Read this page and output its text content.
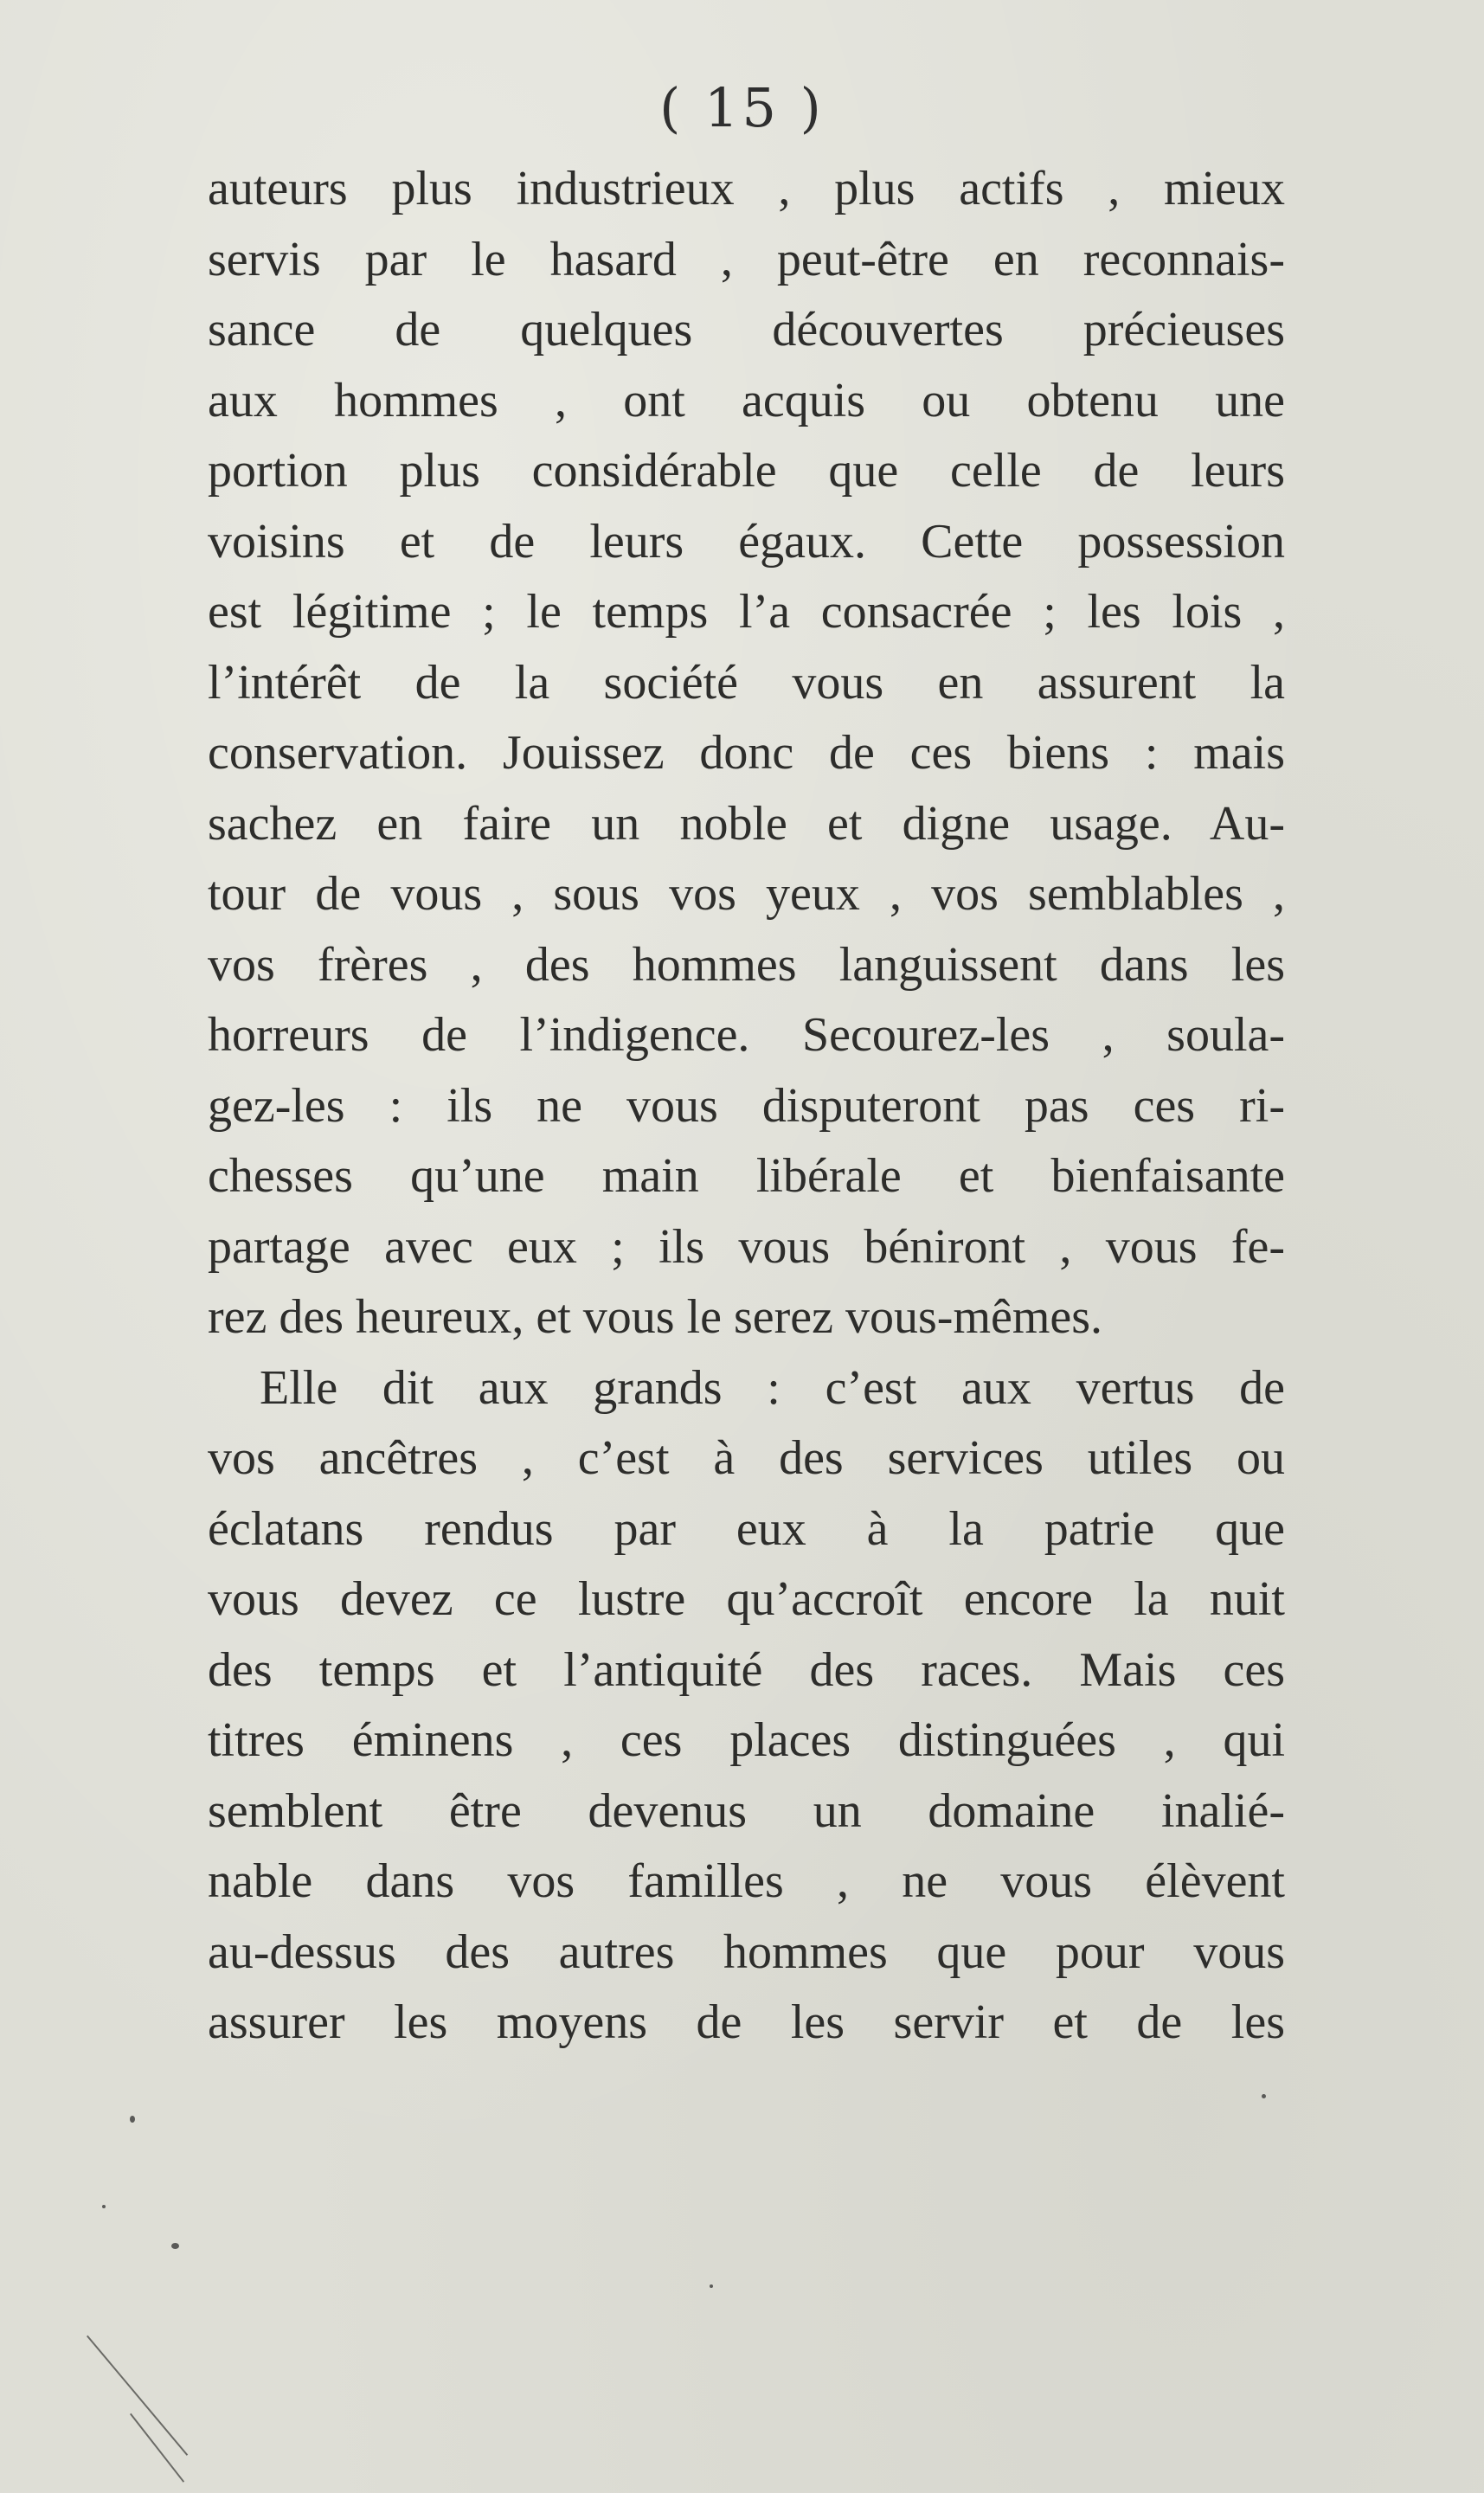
( 15 )
auteurs plus industrieux , plus actifs , mieux
servis par le hasard , peut-être en reconnais-
sance de quelques découvertes précieuses
aux hommes , ont acquis ou obtenu une
portion plus considérable que celle de leurs
voisins et de leurs égaux. Cette possession
est légitime ; le temps l’a consacrée ; les lois ,
l’intérêt de la société vous en assurent la
conservation. Jouissez donc de ces biens : mais
sachez en faire un noble et digne usage. Au-
tour de vous , sous vos yeux , vos semblables ,
vos frères , des hommes languissent dans les
horreurs de l’indigence. Secourez-les , soula-
gez-les : ils ne vous disputeront pas ces ri-
chesses qu’une main libérale et bienfaisante
partage avec eux ; ils vous béniront , vous fe-
rez des heureux, et vous le serez vous-mêmes.
Elle dit aux grands : c’est aux vertus de
vos ancêtres , c’est à des services utiles ou
éclatans rendus par eux à la patrie que
vous devez ce lustre qu’accroît encore la nuit
des temps et l’antiquité des races. Mais ces
titres éminens , ces places distinguées , qui
semblent être devenus un domaine inalié-
nable dans vos familles , ne vous élèvent
au-dessus des autres hommes que pour vous
assurer les moyens de les servir et de les
